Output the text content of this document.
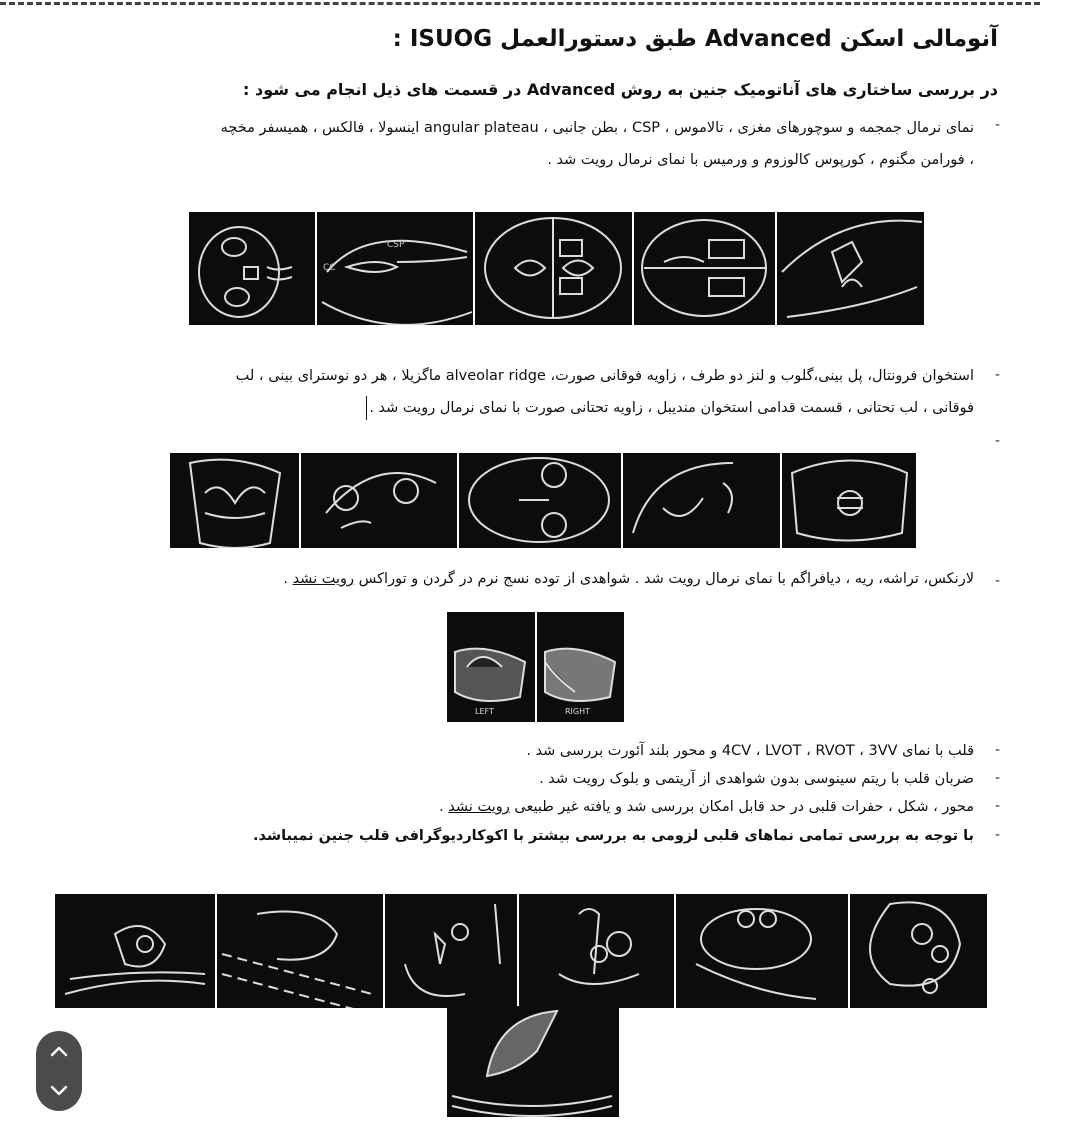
آنومالی اسکن Advanced طبق دستورالعمل ISUOG :
در بررسی ساختاری های آناتومیک جنین به روش Advanced در قسمت های ذیل انجام می شود :
-
نمای نرمال جمجمه و سوچورهای مغزی ، تالاموس ، CSP ، بطن جانبی ، angular plateau اینسولا ، فالکس ، همیسفر مخچه
، فورامن مگنوم ، کورپوس کالوزوم و ورمیس با نمای نرمال رویت شد .
CSP
CC
-
استخوان فرونتال، پل بینی،گلوب و لنز دو طرف ، زاویه فوقانی صورت، alveolar ridge ماگزیلا ، هر دو نوسترای بینی ، لب
فوقانی ، لب تحتانی ، قسمت قدامی استخوان مندیبل ، زاویه تحتانی صورت با نمای نرمال رویت شد .
-
-
لارنکس، تراشه، ریه ، دیافراگم با نمای نرمال رویت شد . شواهدی از توده نسج نرم در گردن و توراکس رویت نشد .
LEFT	RIGHT
-
قلب با نمای 4CV ، LVOT ، RVOT ، 3VV و محور بلند آئورت بررسی شد .
-
ضربان قلب با ریتم سینوسی بدون شواهدی از آریتمی و بلوک رویت شد .
-
محور ، شکل ، حفرات قلبی در حد قابل امکان بررسی شد و یافته غیر طبیعی رویت نشد .
-
با توجه به بررسی تمامی نماهای قلبی لزومی به بررسی بیشتر با اکوکاردیوگرافی قلب جنین نمیباشد.
